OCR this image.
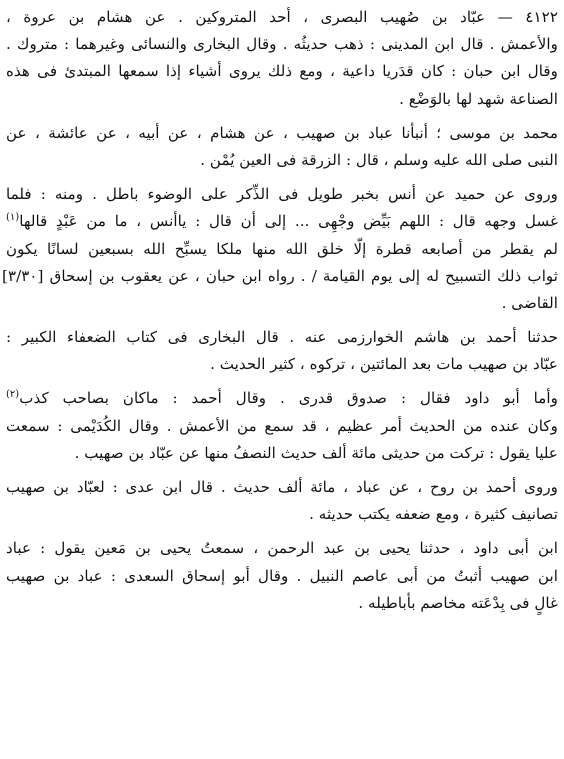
٤١٢٢ — عبّاد بن صُهيب البصرى ، أحد المتروكين . عن هشام بن عروة ،
والأعمش . قال ابن المدينى : ذهب حديثُه . وقال البخارى والنسائى وغيرهما : متروك .
وقال ابن حبان : كان قدَريا داعية ، ومع ذلك يروى أشياء إذا سمعها المبتدئ فى هذه
الصناعة شهد لها بالوَضْع .

محمد بن موسى ؛ أنبأنا عباد بن صهيب ، عن هشام ، عن أبيه ، عن عائشة ، عن
النبى صلى الله عليه وسلم ، قال : الزرقة فى العين يُمْن .

وروى عن حميد عن أنس بخبر طويل فى الذِّكر على الوضوء باطل . ومنه : فلما
غسل وجهه قال : اللهم بَيِّض وجْهِى ... إلى أن قال : ياأنس ، ما من عَبْدٍ قالها$^{(١)}$
لم يقطر من أصابعه قطرة إلّا خلق الله منها ملكا يسبِّح الله بسبعين لسانًا يكون
ثواب ذلك التسبيح له إلى يوم القيامة / . رواه ابن حبان ، عن يعقوب بن إسحاق [٣/٣٠]
القاضى .

حدثنا أحمد بن هاشم الخوارزمى عنه . قال البخارى فى كتاب الضعفاء الكبير :
عبّاد بن صهيب مات بعد المائتين ، تركوه ، كثير الحديث .

وأما أبو داود فقال : صدوق قدرى . وقال أحمد : ماكان بصاحب كذب$^{(٢)}$
وكان عنده من الحديث أمر عظيم ، قد سمع من الأعمش . وقال الكُدَيْمى : سمعت
عليا يقول : تركت من حديثى مائة ألف حديث النصفُ منها عن عبّاد بن صهيب .

وروى أحمد بن روح ، عن عباد ، مائة ألف حديث . قال ابن عدى : لعبّاد بن صهيب
تصانيف كثيرة ، ومع ضعفه يكتب حديثه .

ابن أبى داود ، حدثنا يحيى بن عبد الرحمن ، سمعتُ يحيى بن مَعين يقول : عباد
ابن صهيب أثبتُ من أبى عاصم النبيل . وقال أبو إسحاق السعدى : عباد بن صهيب
غالٍ فى بِدْعَته مخاصم بأباطيله .
